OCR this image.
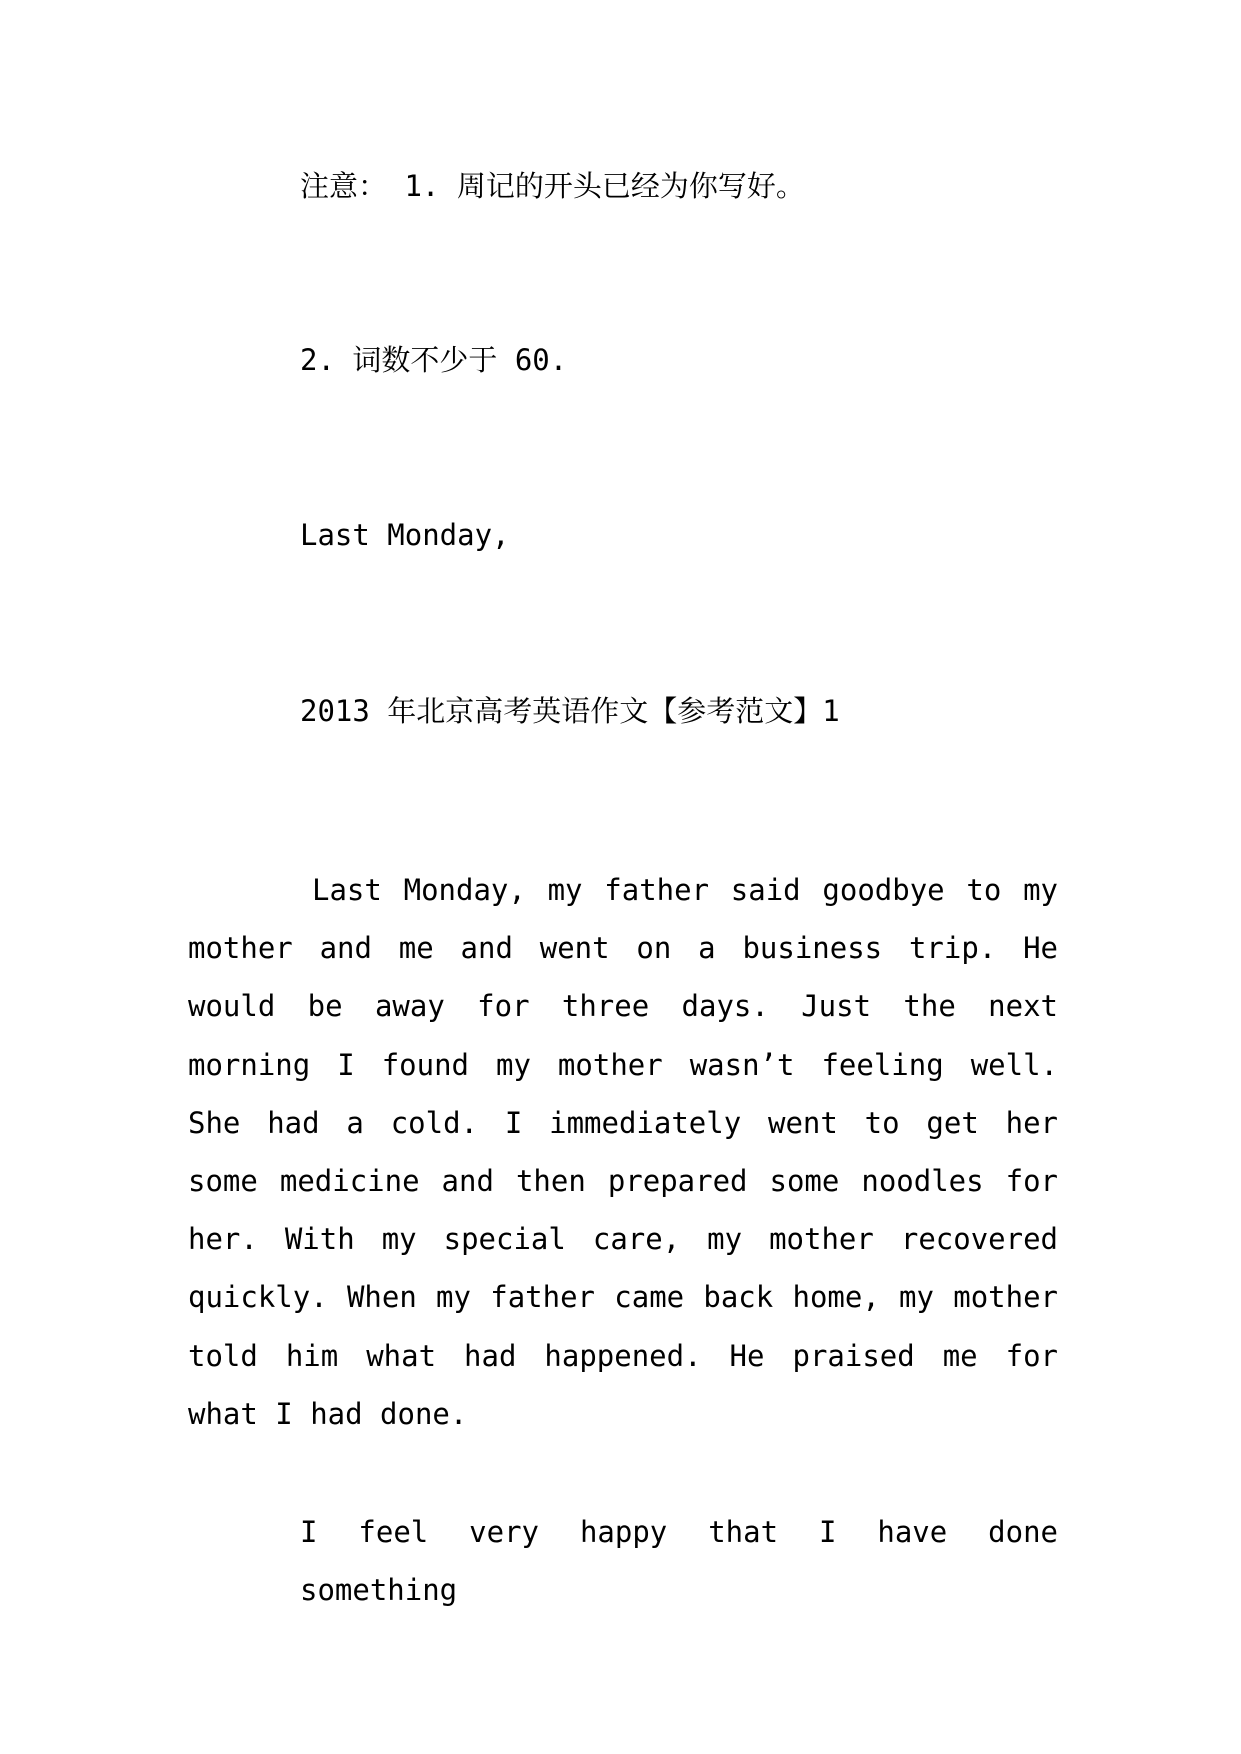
注意： 1. 周记的开头已经为你写好。

2. 词数不少于 60.

Last Monday,

2013 年北京高考英语作文【参考范文】1

Last Monday, my father said goodbye to my mother and me and went on a business trip. He would be away for three days. Just the next morning I found my mother wasn’t feeling well. She had a cold. I immediately went to get her some medicine and then prepared some noodles for her. With my special care, my mother recovered quickly. When my father came back home, my mother told him what had happened. He praised me for what I had done.

I feel very happy that I have done something
